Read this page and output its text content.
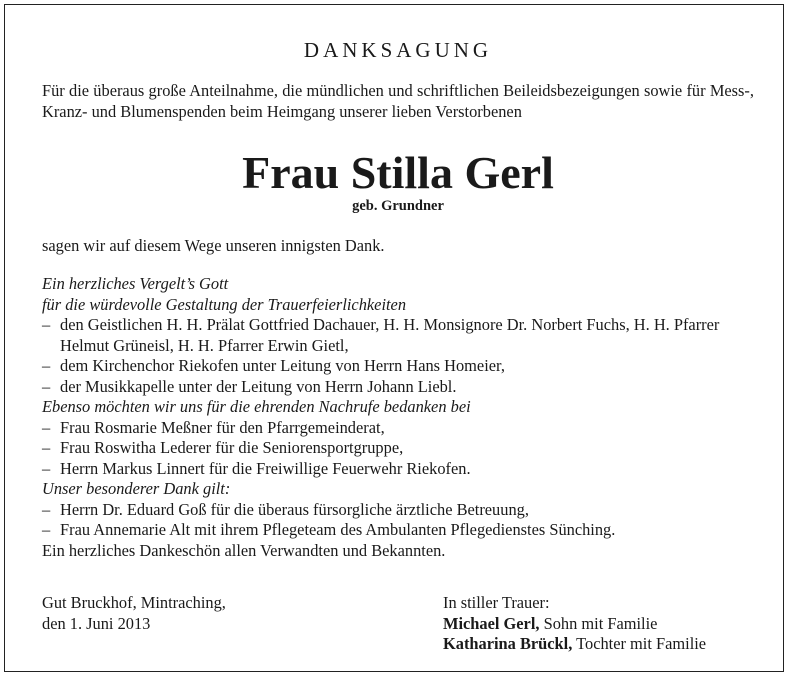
DANKSAGUNG
Für die überaus große Anteilnahme, die mündlichen und schriftlichen Beileidsbezeigungen sowie für Mess-, Kranz- und Blumenspenden beim Heimgang unserer lieben Verstorbenen
Frau Stilla Gerl
geb. Grundner
sagen wir auf diesem Wege unseren innigsten Dank.
Ein herzliches Vergelt’s Gott
für die würdevolle Gestaltung der Trauerfeierlichkeiten
– den Geistlichen H. H. Prälat Gottfried Dachauer, H. H. Monsignore Dr. Norbert Fuchs, H. H. Pfarrer Helmut Grüneisl, H. H. Pfarrer Erwin Gietl,
– dem Kirchenchor Riekofen unter Leitung von Herrn Hans Homeier,
– der Musikkapelle unter der Leitung von Herrn Johann Liebl.
Ebenso möchten wir uns für die ehrenden Nachrufe bedanken bei
– Frau Rosmarie Meßner für den Pfarrgemeinderat,
– Frau Roswitha Lederer für die Seniorensportgruppe,
– Herrn Markus Linnert für die Freiwillige Feuerwehr Riekofen.
Unser besonderer Dank gilt:
– Herrn Dr. Eduard Goß für die überaus fürsorgliche ärztliche Betreuung,
– Frau Annemarie Alt mit ihrem Pflegeteam des Ambulanten Pflegedienstes Sünching.
Ein herzliches Dankeschön allen Verwandten und Bekannten.
Gut Bruckhof, Mintraching,
den 1. Juni 2013
In stiller Trauer:
Michael Gerl, Sohn mit Familie
Katharina Brückl, Tochter mit Familie
